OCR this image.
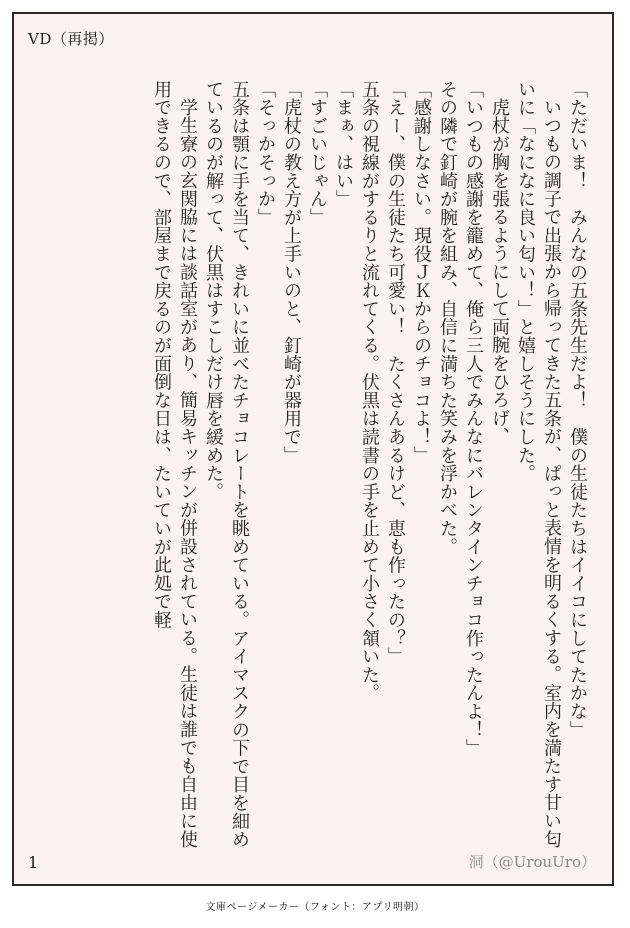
VD（再掲）

「ただいま！　みんなの五条先生だよ！　僕の生徒たちはイイコにしてたかな」

いつもの調子で出張から帰ってきた五条が、ぱっと表情を明るくする。室内を満たす甘い匂いに「なになに良い匂い！」と嬉しそうにした。

虎杖が胸を張るようにして両腕をひろげ、

「いつもの感謝を籠めて、俺ら三人でみんなにバレンタインチョコ作ったんよ！」

その隣で釘崎が腕を組み、自信に満ちた笑みを浮かべた。

「感謝しなさい。現役ＪＫからのチョコよ！」

「えー、僕の生徒たち可愛い！　たくさんあるけど、恵も作ったの？」

五条の視線がするりと流れてくる。伏黒は読書の手を止めて小さく頷いた。

「まぁ、はい」

「すごいじゃん」

「虎杖の教え方が上手いのと、釘崎が器用で」

「そっかそっか」

五条は顎に手を当て、きれいに並べたチョコレートを眺めている。アイマスクの下で目を細めているのが解って、伏黒はすこしだけ唇を緩めた。

学生寮の玄関脇には談話室があり、簡易キッチンが併設されている。生徒は誰でも自由に使用できるので、部屋まで戻るのが面倒な日は、たいていが此処で軽

1	洞（@UrouUro）
文庫ページメーカー（フォント：アプリ明朝）
